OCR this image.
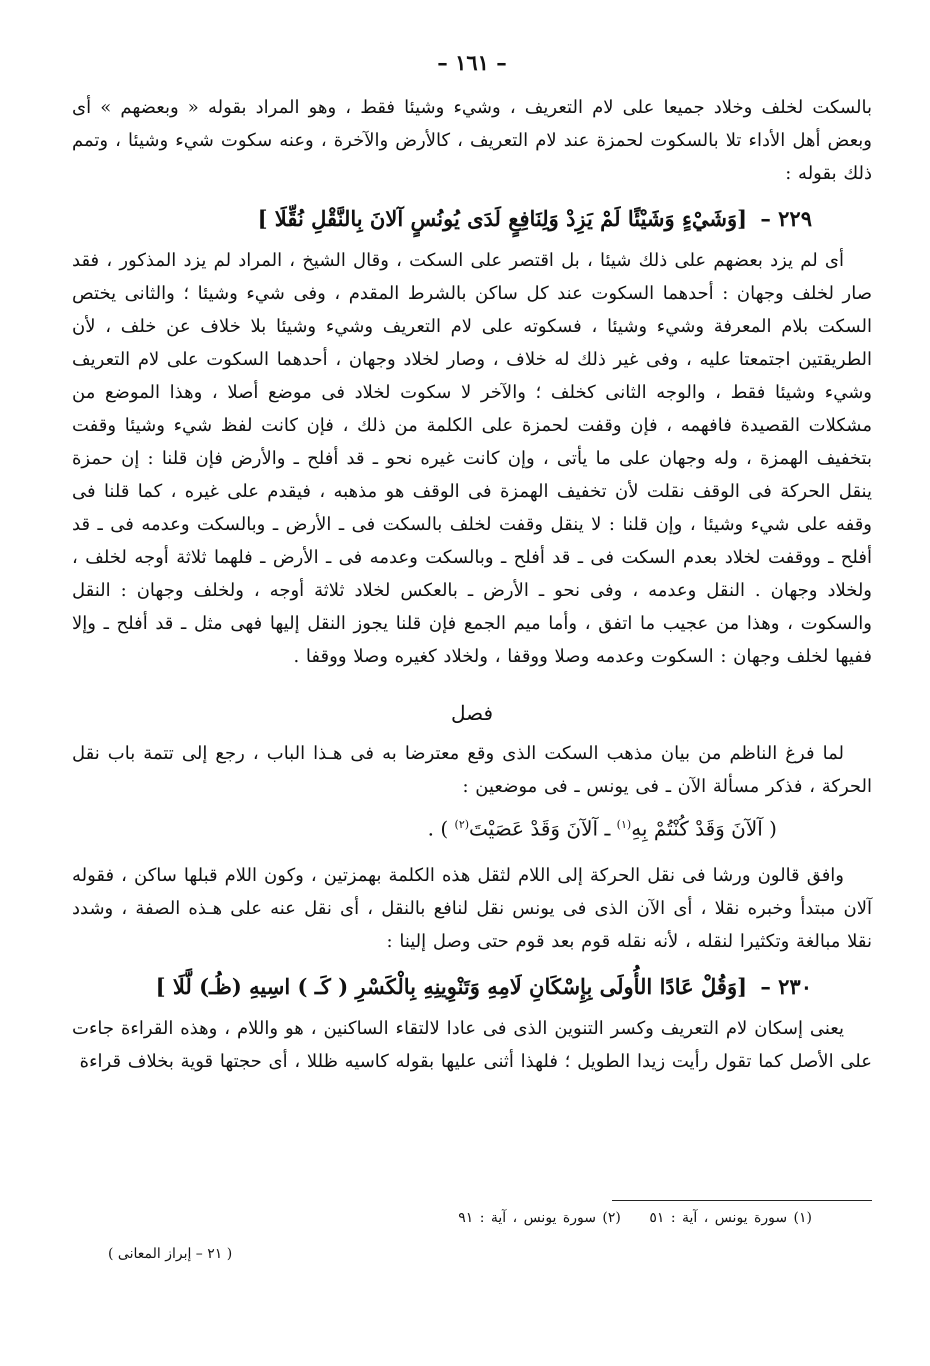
– ١٦١ –

بالسكت لخلف وخلاد جميعا على لام التعريف ، وشيء وشيئا فقط ، وهو المراد بقوله « وبعضهم » أى وبعض أهل الأداء تلا بالسكوت لحمزة عند لام التعريف ، كالأرض والآخرة ، وعنه سكوت شيء وشيئا ، وتمم ذلك بقوله :

٢٢٩ – [وَشَيْءٍ وَشَيْئًا لَمْ يَزِدْ وَلِنَافِعٍ لَدَى يُونُسٍ آلانَ بِالنَّقْلِ نُقِّلَا ]

أى لم يزد بعضهم على ذلك شيئا ، بل اقتصر على السكت ، وقال الشيخ ، المراد لم يزد المذكور ، فقد صار لخلف وجهان : أحدهما السكوت عند كل ساكن بالشرط المقدم ، وفى شيء وشيئا ؛ والثانى يختص السكت بلام المعرفة وشيء وشيئا ، فسكوته على لام التعريف وشيء وشيئا بلا خلاف عن خلف ، لأن الطريقتين اجتمعتا عليه ، وفى غير ذلك له خلاف ، وصار لخلاد وجهان ، أحدهما السكوت على لام التعريف وشيء وشيئا فقط ، والوجه الثانى كخلف ؛ والآخر لا سكوت لخلاد فى موضع أصلا ، وهذا الموضع من مشكلات القصيدة فافهمه ، فإن وقفت لحمزة على الكلمة من ذلك ، فإن كانت لفظ شيء وشيئا وقفت بتخفيف الهمزة ، وله وجهان على ما يأتى ، وإن كانت غيره نحو ـ قد أفلح ـ والأرض فإن قلنا : إن حمزة ينقل الحركة فى الوقف نقلت لأن تخفيف الهمزة فى الوقف هو مذهبه ، فيقدم على غيره ، كما قلنا فى وقفه على شيء وشيئا ، وإن قلنا : لا ينقل وقفت لخلف بالسكت فى ـ الأرض ـ وبالسكت وعدمه فى ـ قد أفلح ـ ووقفت لخلاد بعدم السكت فى ـ قد أفلح ـ وبالسكت وعدمه فى ـ الأرض ـ فلهما ثلاثة أوجه لخلف ، ولخلاد وجهان . النقل وعدمه ، وفى نحو ـ الأرض ـ بالعكس لخلاد ثلاثة أوجه ، ولخلف وجهان : النقل والسكوت ، وهذا من عجيب ما اتفق ، وأما ميم الجمع فإن قلنا يجوز النقل إليها فهى مثل ـ قد أفلح ـ وإلا ففيها لخلف وجهان : السكوت وعدمه وصلا ووقفا ، ولخلاد كغيره وصلا ووقفا .

فصل

لما فرغ الناظم من بيان مذهب السكت الذى وقع معترضا به فى هـذا الباب ، رجع إلى تتمة باب نقل الحركة ، فذكر مسألة الآن ـ فى يونس ـ فى موضعين :

( آلآنَ وَقَدْ كُنْتُمْ بِهِ$^{(١)}$ ـ آلآنَ وَقَدْ عَصَيْتَ$^{(٢)}$ ) .

وافق قالون ورشا فى نقل الحركة إلى اللام لثقل هذه الكلمة بهمزتين ، وكون اللام قبلها ساكن ، فقوله آلان مبتدأ وخبره نقلا ، أى الآن الذى فى يونس نقل لنافع بالنقل ، أى نقل عنه على هـذه الصفة ، وشدد نقلا مبالغة وتكثيرا لنقله ، لأنه نقله قوم بعد قوم حتى وصل إلينا :

٢٣٠ – [وَقُلْ عَادًا الأُولَى بِإِسْكَانِ لَامِهِ وَتَنْوِينِهِ بِالْكَسْرِ ( كَـ ) اسِيهِ (ظُـ) لَّلَا ]

يعنى إسكان لام التعريف وكسر التنوين الذى فى عادا لالتقاء الساكنين ، هو واللام ، وهذه القراءة جاءت على الأصل كما تقول رأيت زيدا الطويل ؛ فلهذا أثنى عليها بقوله كاسيه ظللا ، أى حجتها قوية بخلاف قراءة

(١) سورة يونس ، آية : ٥١ (٢) سورة يونس ، آية : ٩١
( ٢١ – إبراز المعانى )
